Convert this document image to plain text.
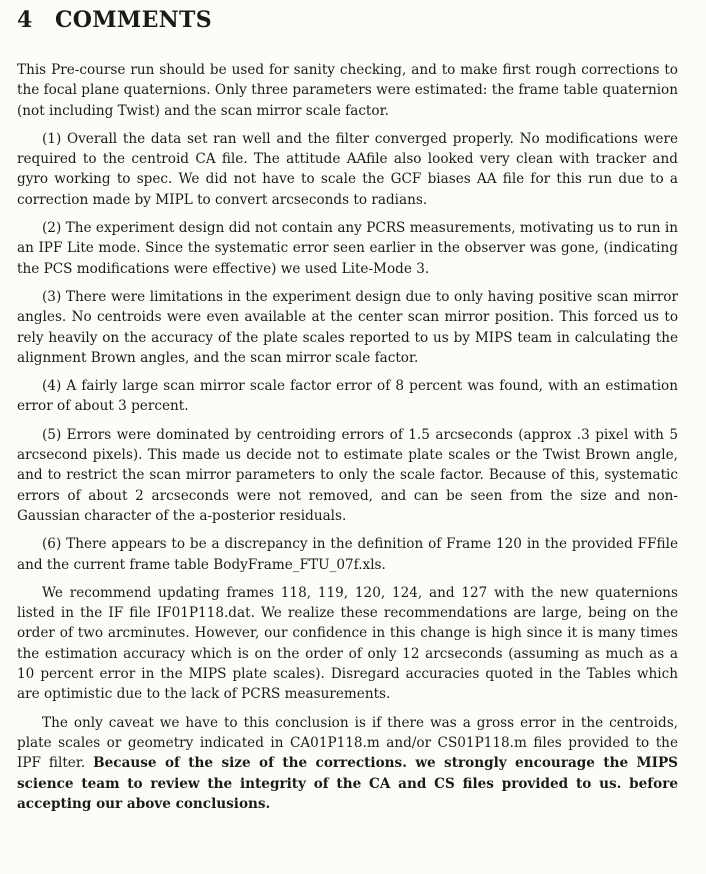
4	COMMENTS

This Pre-course run should be used for sanity checking, and to make first rough corrections to the focal plane quaternions. Only three parameters were estimated: the frame table quaternion (not including Twist) and the scan mirror scale factor.

(1) Overall the data set ran well and the filter converged properly. No modifications were required to the centroid CA file. The attitude AAfile also looked very clean with tracker and gyro working to spec. We did not have to scale the GCF biases AA file for this run due to a correction made by MIPL to convert arcseconds to radians.

(2) The experiment design did not contain any PCRS measurements, motivating us to run in an IPF Lite mode. Since the systematic error seen earlier in the observer was gone, (indicating the PCS modifications were effective) we used Lite-Mode 3.

(3) There were limitations in the experiment design due to only having positive scan mirror angles. No centroids were even available at the center scan mirror position. This forced us to rely heavily on the accuracy of the plate scales reported to us by MIPS team in calculating the alignment Brown angles, and the scan mirror scale factor.

(4) A fairly large scan mirror scale factor error of 8 percent was found, with an estimation error of about 3 percent.

(5) Errors were dominated by centroiding errors of 1.5 arcseconds (approx .3 pixel with 5 arcsecond pixels). This made us decide not to estimate plate scales or the Twist Brown angle, and to restrict the scan mirror parameters to only the scale factor. Because of this, systematic errors of about 2 arcseconds were not removed, and can be seen from the size and non-Gaussian character of the a-posterior residuals.

(6) There appears to be a discrepancy in the definition of Frame 120 in the provided FFfile and the current frame table BodyFrame_FTU_07f.xls.

We recommend updating frames 118, 119, 120, 124, and 127 with the new quaternions listed in the IF file IF01P118.dat. We realize these recommendations are large, being on the order of two arcminutes. However, our confidence in this change is high since it is many times the estimation accuracy which is on the order of only 12 arcseconds (assuming as much as a 10 percent error in the MIPS plate scales). Disregard accuracies quoted in the Tables which are optimistic due to the lack of PCRS measurements.

The only caveat we have to this conclusion is if there was a gross error in the centroids, plate scales or geometry indicated in CA01P118.m and/or CS01P118.m files provided to the IPF filter. Because of the size of the corrections. we strongly encourage the MIPS science team to review the integrity of the CA and CS files provided to us. before accepting our above conclusions.
